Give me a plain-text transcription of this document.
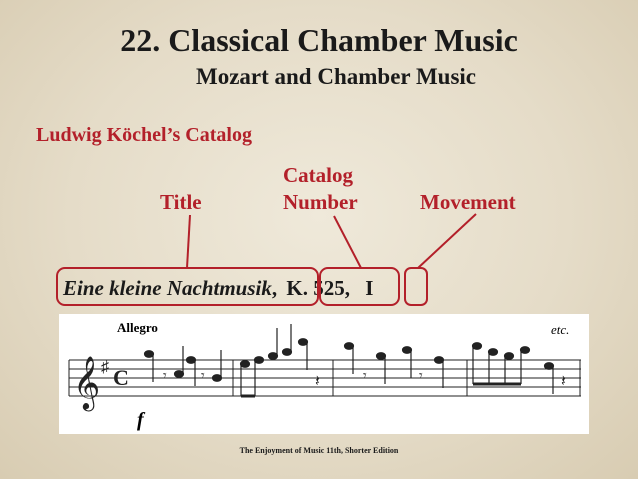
22. Classical Chamber Music
Mozart and Chamber Music
Ludwig Köchel’s Catalog
Title
Catalog
Number	Movement
Eine kleine Nachtmusik, K. 525, I
Allegro	etc.
f
𝄞 ♯ C 𝄾 𝄾	𝄽	𝄾	𝄾	𝄽
The Enjoyment of Music 11th, Shorter Edition
